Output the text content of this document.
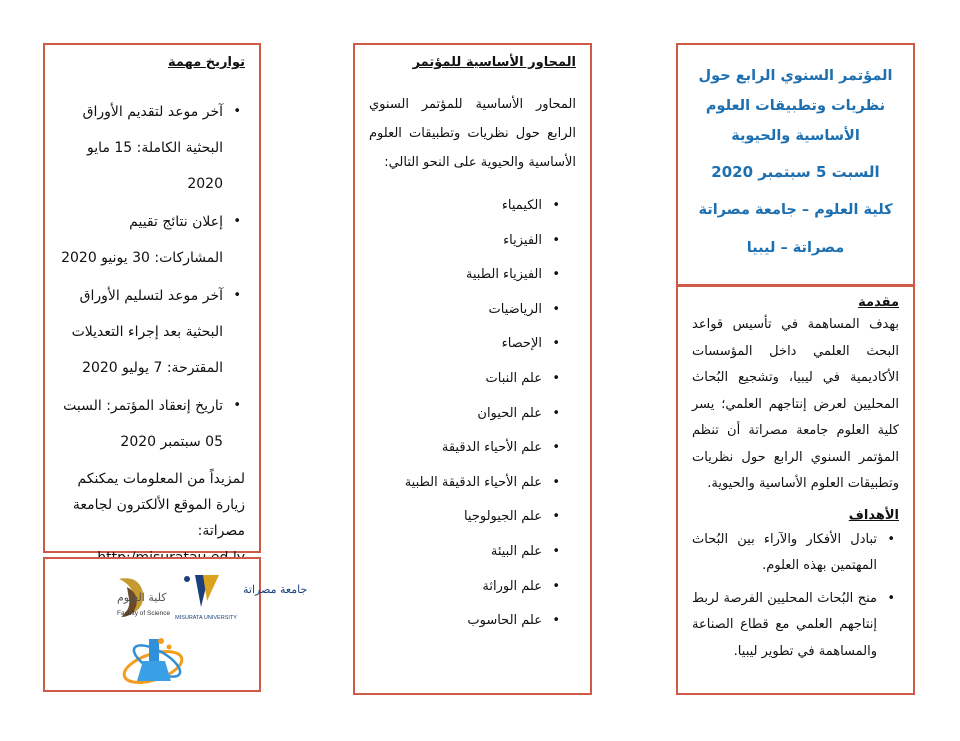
تواريخ مهمة

• آخر موعد لتقديم الأوراق البحثية الكاملة: 15 مايو 2020
• إعلان نتائج تقييم المشاركات: 30 يونيو 2020
• آخر موعد لتسليم الأوراق البحثية بعد إجراء التعديلات المقترحة: 7 يوليو 2020
• تاريخ إنعقاد المؤتمر: السبت 05 سبتمبر 2020
لمزيداً من المعلومات يمكنكم زيارة الموقع الألكترون لجامعة مصراتة:
كلية العلوم
Faculty of Science
جامعة مصراتة
MISURATA UNIVERSITY

المحاور الأساسية للمؤتمر

المحاور الأساسية للمؤتمر السنوي الرابع حول نظريات وتطبيقات العلوم الأساسية والحيوية على النحو التالي:

• الكيمياء
• الفيزياء
• الفيزياء الطبية
• الرياضيات
• الإحصاء
• علم النبات
• علم الحيوان
• علم الأحياء الدقيقة
• علم الأحياء الدقيقة الطبية
• علم الجيولوجيا
• علم البيئة
• علم الوراثة
• علم الحاسوب
المؤتمر السنوي الرابع حول نظريات وتطبيقات العلوم الأساسية والحيوية
السبت 5 سبتمبر 2020
كلية العلوم – جامعة مصراتة
مصراتة – ليبيا

مقدمة

بهدف المساهمة في تأسيس قواعد البحث العلمي داخل المؤسسات الأكاديمية في ليبيا، وتشجيع البُحاث المحليين لعرض إنتاجهم العلمي؛ يسر كلية العلوم جامعة مصراتة أن تنظم المؤتمر السنوي الرابع حول نظريات وتطبيقات العلوم الأساسية والحيوية.

الأهداف

• تبادل الأفكار والآراء بين البُحاث المهتمين بهذه العلوم.
• منح البُحاث المحليين الفرصة لربط إنتاجهم العلمي مع قطاع الصناعة والمساهمة في تطوير ليبيا.
